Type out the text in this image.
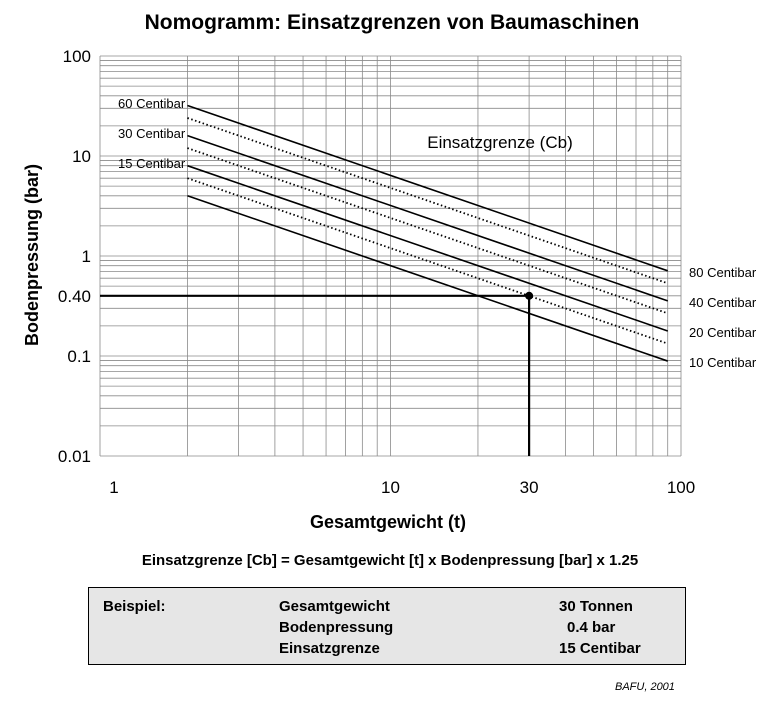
Nomogramm: Einsatzgrenzen von Baumaschinen
1	10	30	100
100
10
1
0.40
0.1
0.01
80 Centibar
60 Centibar
40 Centibar
30 Centibar
20 Centibar
15 Centibar
10 Centibar
Einsatzgrenze (Cb)
Gesamtgewicht (t)
Bodenpressung (bar)
Einsatzgrenze [Cb] = Gesamtgewicht [t] x Bodenpressung [bar] x 1.25
Beispiel:	Gesamtgewicht	30 Tonnen
Bodenpressung	0.4 bar
Einsatzgrenze	15 Centibar
BAFU, 2001
